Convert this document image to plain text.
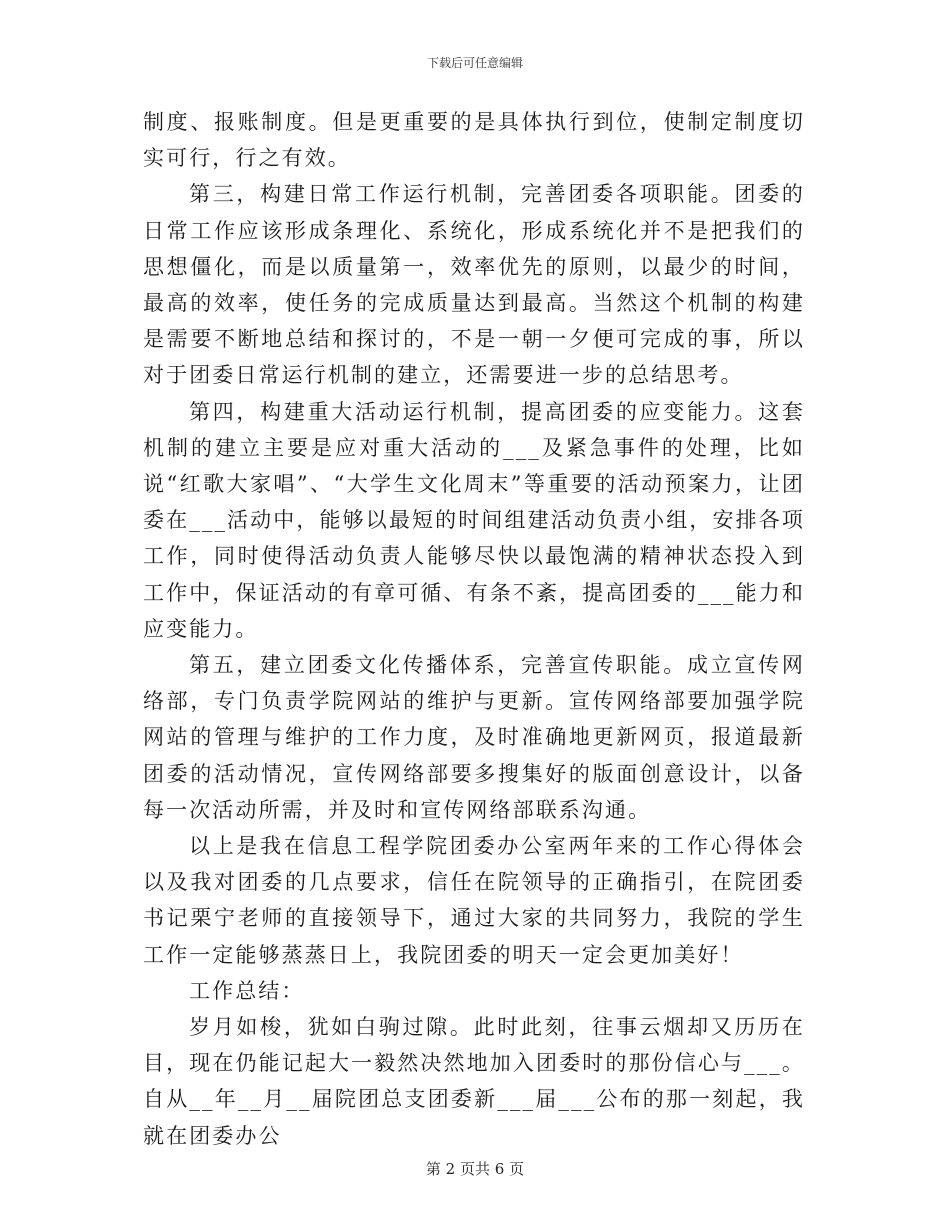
下载后可任意编辑

制度、报账制度。但是更重要的是具体执行到位，使制定制度切实可行，行之有效。

第三，构建日常工作运行机制，完善团委各项职能。团委的日常工作应该形成条理化、系统化，形成系统化并不是把我们的思想僵化，而是以质量第一，效率优先的原则，以最少的时间，最高的效率，使任务的完成质量达到最高。当然这个机制的构建是需要不断地总结和探讨的，不是一朝一夕便可完成的事，所以对于团委日常运行机制的建立，还需要进一步的总结思考。

第四，构建重大活动运行机制，提高团委的应变能力。这套机制的建立主要是应对重大活动的___及紧急事件的处理，比如说“红歌大家唱”、“大学生文化周末”等重要的活动预案力，让团委在___活动中，能够以最短的时间组建活动负责小组，安排各项工作，同时使得活动负责人能够尽快以最饱满的精神状态投入到工作中，保证活动的有章可循、有条不紊，提高团委的___能力和应变能力。

第五，建立团委文化传播体系，完善宣传职能。成立宣传网络部，专门负责学院网站的维护与更新。宣传网络部要加强学院网站的管理与维护的工作力度，及时准确地更新网页，报道最新团委的活动情况，宣传网络部要多搜集好的版面创意设计，以备每一次活动所需，并及时和宣传网络部联系沟通。

以上是我在信息工程学院团委办公室两年来的工作心得体会以及我对团委的几点要求，信任在院领导的正确指引，在院团委书记栗宁老师的直接领导下，通过大家的共同努力，我院的学生工作一定能够蒸蒸日上，我院团委的明天一定会更加美好！

工作总结：

岁月如梭，犹如白驹过隙。此时此刻，往事云烟却又历历在目，现在仍能记起大一毅然决然地加入团委时的那份信心与___。自从__年__月__届院团总支团委新___届___公布的那一刻起，我就在团委办公

第 2 页共 6 页
